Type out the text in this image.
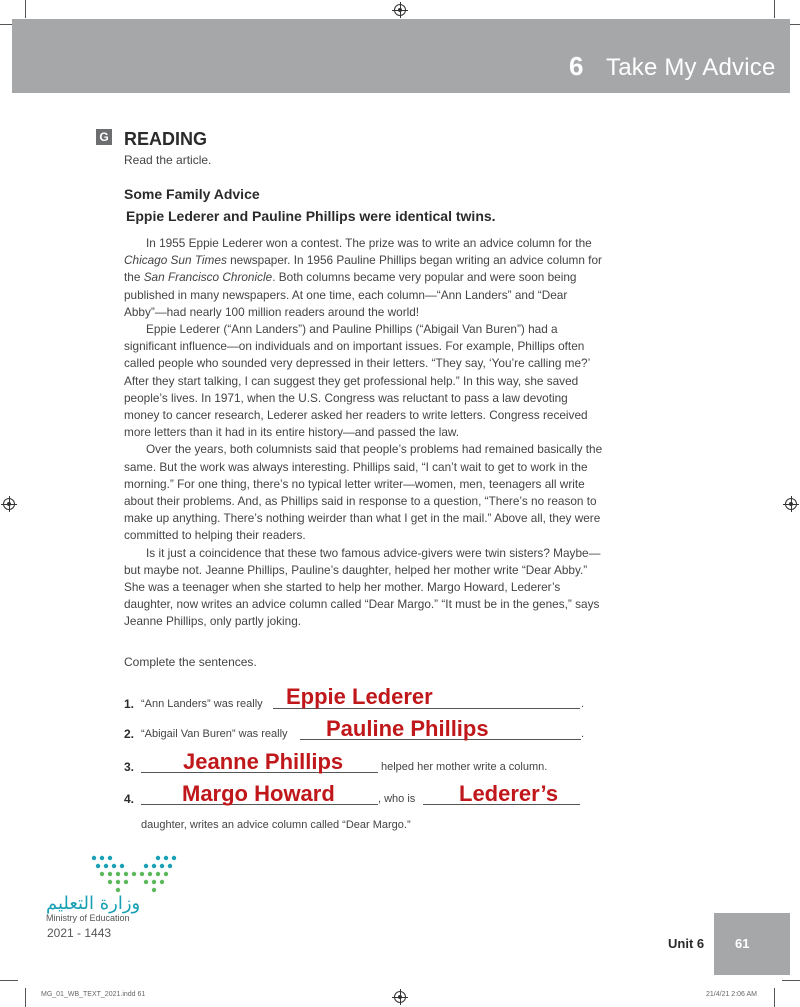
6 Take My Advice
G READING
Read the article.
Some Family Advice
Eppie Lederer and Pauline Phillips were identical twins.

In 1955 Eppie Lederer won a contest. The prize was to write an advice column for the Chicago Sun Times newspaper. In 1956 Pauline Phillips began writing an advice column for the San Francisco Chronicle. Both columns became very popular and were soon being published in many newspapers. At one time, each column—“Ann Landers” and “Dear Abby”—had nearly 100 million readers around the world!

Eppie Lederer (“Ann Landers”) and Pauline Phillips (“Abigail Van Buren”) had a significant influence—on individuals and on important issues. For example, Phillips often called people who sounded very depressed in their letters. “They say, ‘You’re calling me?’ After they start talking, I can suggest they get professional help.” In this way, she saved people’s lives. In 1971, when the U.S. Congress was reluctant to pass a law devoting money to cancer research, Lederer asked her readers to write letters. Congress received more letters than it had in its entire history—and passed the law.

Over the years, both columnists said that people’s problems had remained basically the same. But the work was always interesting. Phillips said, “I can’t wait to get to work in the morning.” For one thing, there’s no typical letter writer—women, men, teenagers all write about their problems. And, as Phillips said in response to a question, “There’s no reason to make up anything. There’s nothing weirder than what I get in the mail.” Above all, they were committed to helping their readers.

Is it just a coincidence that these two famous advice-givers were twin sisters? Maybe—but maybe not. Jeanne Phillips, Pauline’s daughter, helped her mother write “Dear Abby.” She was a teenager when she started to help her mother. Margo Howard, Lederer’s daughter, now writes an advice column called “Dear Margo.” “It must be in the genes,” says Jeanne Phillips, only partly joking.

Complete the sentences.
1. “Ann Landers” was really Eppie Lederer	.
2. “Abigail Van Buren” was really Pauline Phillips	.
3. Jeanne Phillips	helped her mother write a column.
4. Margo Howard	, who is Lederer’s
daughter, writes an advice column called “Dear Margo.”
وزارة التعليم
Ministry of Education
2021 - 1443
Unit 6 61
MG_01_WB_TEXT_2021.indd 61	21/4/21 2:06 AM
